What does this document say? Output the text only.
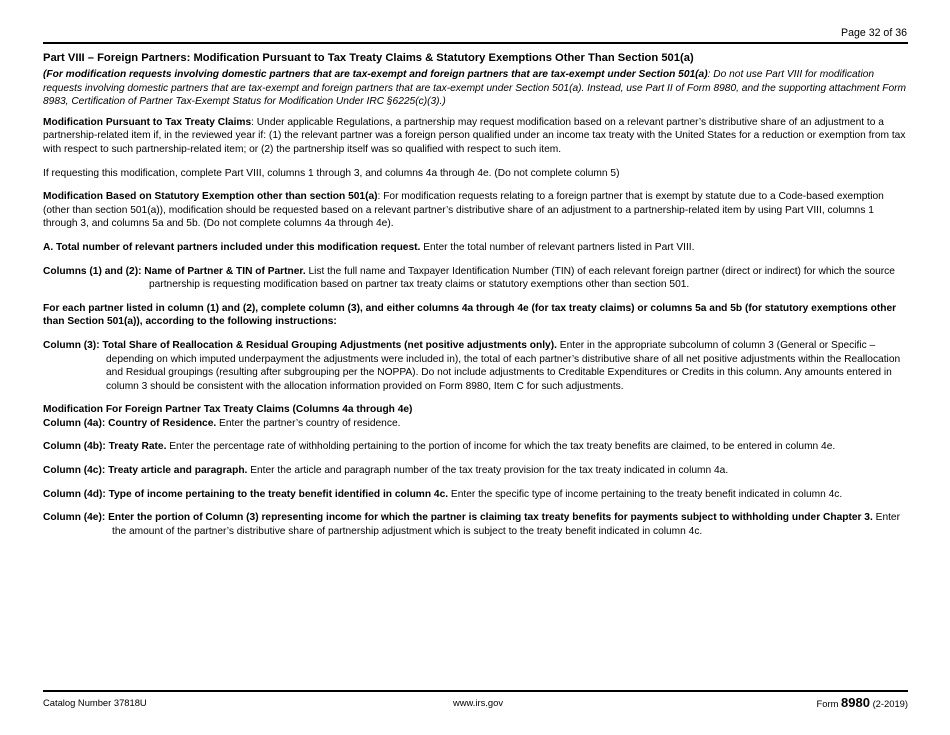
Page 32 of 36
Part VIII – Foreign Partners: Modification Pursuant to Tax Treaty Claims & Statutory Exemptions Other Than Section 501(a)
(For modification requests involving domestic partners that are tax-exempt and foreign partners that are tax-exempt under Section 501(a): Do not use Part VIII for modification requests involving domestic partners that are tax-exempt and foreign partners that are tax-exempt under Section 501(a). Instead, use Part II of Form 8980, and the supporting attachment Form 8983, Certification of Partner Tax-Exempt Status for Modification Under IRC §6225(c)(3).)
Modification Pursuant to Tax Treaty Claims: Under applicable Regulations, a partnership may request modification based on a relevant partner’s distributive share of an adjustment to a partnership-related item if, in the reviewed year if: (1) the relevant partner was a foreign person qualified under an income tax treaty with the United States for a reduction or exemption from tax with respect to such partnership-related item; or (2) the partnership itself was so qualified with respect to such item.
If requesting this modification, complete Part VIII, columns 1 through 3, and columns 4a through 4e. (Do not complete column 5)
Modification Based on Statutory Exemption other than section 501(a): For modification requests relating to a foreign partner that is exempt by statute due to a Code-based exemption (other than section 501(a)), modification should be requested based on a relevant partner’s distributive share of an adjustment to a partnership-related item by using Part VIII, columns 1 through 3, and columns 5a and 5b. (Do not complete columns 4a through 4e).
A. Total number of relevant partners included under this modification request. Enter the total number of relevant partners listed in Part VIII.
Columns (1) and (2): Name of Partner & TIN of Partner. List the full name and Taxpayer Identification Number (TIN) of each relevant foreign partner (direct or indirect) for which the source partnership is requesting modification based on partner tax treaty claims or statutory exemptions other than section 501.
For each partner listed in column (1) and (2), complete column (3), and either columns 4a through 4e (for tax treaty claims) or columns 5a and 5b (for statutory exemptions other than Section 501(a)), according to the following instructions:
Column (3): Total Share of Reallocation & Residual Grouping Adjustments (net positive adjustments only). Enter in the appropriate subcolumn of column 3 (General or Specific – depending on which imputed underpayment the adjustments were included in), the total of each partner’s distributive share of all net positive adjustments within the Reallocation and Residual groupings (resulting after subgrouping per the NOPPA). Do not include adjustments to Creditable Expenditures or Credits in this column. Any amounts entered in column 3 should be consistent with the allocation information provided on Form 8980, Item C for such adjustments.
Modification For Foreign Partner Tax Treaty Claims (Columns 4a through 4e)
Column (4a): Country of Residence. Enter the partner’s country of residence.
Column (4b): Treaty Rate. Enter the percentage rate of withholding pertaining to the portion of income for which the tax treaty benefits are claimed, to be entered in column 4e.
Column (4c): Treaty article and paragraph. Enter the article and paragraph number of the tax treaty provision for the tax treaty indicated in column 4a.
Column (4d): Type of income pertaining to the treaty benefit identified in column 4c. Enter the specific type of income pertaining to the treaty benefit indicated in column 4c.
Column (4e): Enter the portion of Column (3) representing income for which the partner is claiming tax treaty benefits for payments subject to withholding under Chapter 3. Enter the amount of the partner’s distributive share of partnership adjustment which is subject to the treaty benefit indicated in column 4c.
Catalog Number 37818U	www.irs.gov	Form 8980 (2-2019)
